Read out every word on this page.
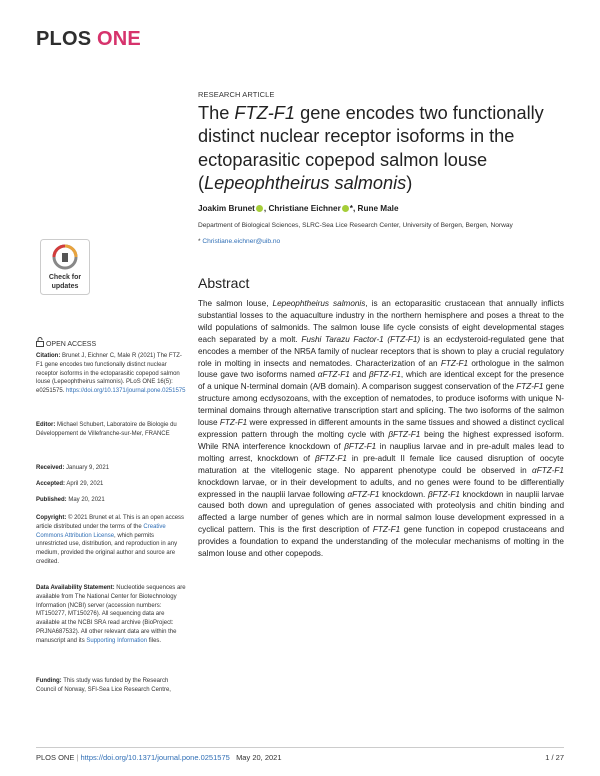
PLOS ONE
RESEARCH ARTICLE
The FTZ-F1 gene encodes two functionally distinct nuclear receptor isoforms in the ectoparasitic copepod salmon louse (Lepeophtheirus salmonis)
Joakim Brunet , Christiane Eichner *, Rune Male
Department of Biological Sciences, SLRC-Sea Lice Research Center, University of Bergen, Bergen, Norway
* Christiane.eichner@uib.no
Check for
updates
OPEN ACCESS
Citation: Brunet J, Eichner C, Male R (2021) The FTZ-F1 gene encodes two functionally distinct nuclear receptor isoforms in the ectoparasitic copepod salmon louse (Lepeophtheirus salmonis). PLoS ONE 16(5): e0251575. https://doi.org/10.1371/journal.pone.0251575
Editor: Michael Schubert, Laboratoire de Biologie du Développement de Villefranche-sur-Mer, FRANCE
Received: January 9, 2021
Accepted: April 29, 2021
Published: May 20, 2021
Copyright: © 2021 Brunet et al. This is an open access article distributed under the terms of the Creative Commons Attribution License, which permits unrestricted use, distribution, and reproduction in any medium, provided the original author and source are credited.
Data Availability Statement: Nucleotide sequences are available from The National Center for Biotechnology Information (NCBI) server (accession numbers: MT150277, MT150276). All sequencing data are available at the NCBI SRA read archive (BioProject: PRJNA687532). All other relevant data are within the manuscript and its Supporting Information files.
Funding: This study was funded by the Research Council of Norway, SFI-Sea Lice Research Centre,
Abstract
The salmon louse, Lepeophtheirus salmonis, is an ectoparasitic crustacean that annually inflicts substantial losses to the aquaculture industry in the northern hemisphere and poses a threat to the wild populations of salmonids. The salmon louse life cycle consists of eight developmental stages each separated by a molt. Fushi Tarazu Factor-1 (FTZ-F1) is an ecdysteroid-regulated gene that encodes a member of the NR5A family of nuclear receptors that is shown to play a crucial regulatory role in molting in insects and nematodes. Characterization of an FTZ-F1 orthologue in the salmon louse gave two isoforms named αFTZ-F1 and βFTZ-F1, which are identical except for the presence of a unique N-terminal domain (A/B domain). A comparison suggest conservation of the FTZ-F1 gene structure among ecdysozoans, with the exception of nematodes, to produce isoforms with unique N-terminal domains through alternative transcription start and splicing. The two isoforms of the salmon louse FTZ-F1 were expressed in different amounts in the same tissues and showed a distinct cyclical expression pattern through the molting cycle with βFTZ-F1 being the highest expressed isoform. While RNA interference knockdown of βFTZ-F1 in nauplius larvae and in pre-adult males lead to molting arrest, knockdown of βFTZ-F1 in pre-adult II female lice caused disruption of oocyte maturation at the vitellogenic stage. No apparent phenotype could be observed in αFTZ-F1 knockdown larvae, or in their development to adults, and no genes were found to be differentially expressed in the nauplii larvae following αFTZ-F1 knockdown. βFTZ-F1 knockdown in nauplii larvae caused both down and upregulation of genes associated with proteolysis and chitin binding and affected a large number of genes which are in normal salmon louse development expressed in a cyclical pattern. This is the first description of FTZ-F1 gene function in copepod crustaceans and provides a foundation to expand the understanding of the molecular mechanisms of molting in the salmon louse and other copepods.
PLOS ONE | https://doi.org/10.1371/journal.pone.0251575 May 20, 2021	1 / 27
